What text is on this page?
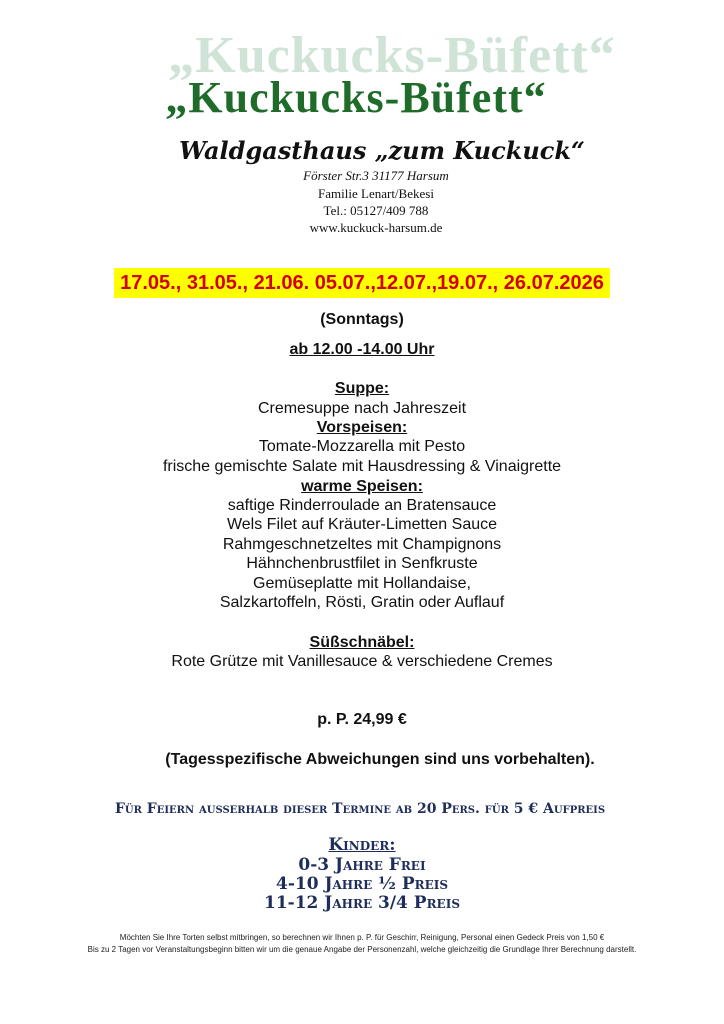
„Kuckucks-Büfett“
„Kuckucks-Büfett“
Waldgasthaus „zum Kuckuck“
Förster Str.3 31177 Harsum
Familie Lenart/Bekesi
Tel.: 05127/409 788
www.kuckuck-harsum.de
17.05., 31.05., 21.06. 05.07.,12.07.,19.07., 26.07.2026
(Sonntags)
ab 12.00 -14.00 Uhr
Suppe:
Cremesuppe nach Jahreszeit
Vorspeisen:
Tomate-Mozzarella mit Pesto
frische gemischte Salate mit Hausdressing & Vinaigrette
warme Speisen:
saftige Rinderroulade an Bratensauce
Wels Filet auf Kräuter-Limetten Sauce
Rahmgeschnetzeltes mit Champignons
Hähnchenbrustfilet in Senfkruste
Gemüseplatte mit Hollandaise,
Salzkartoffeln, Rösti, Gratin oder Auflauf
Süßschnäbel:
Rote Grütze mit Vanillesauce & verschiedene Cremes
p. P. 24,99 €
(Tagesspezifische Abweichungen sind uns vorbehalten).
Für Feiern ausserhalb dieser Termine ab 20 Pers. für 5 € Aufpreis
Kinder:
0-3 Jahre Frei
4-10 Jahre ½ Preis
11-12 Jahre 3/4 Preis
Möchten Sie Ihre Torten selbst mitbringen, so berechnen wir Ihnen p. P. für Geschirr, Reinigung, Personal einen Gedeck Preis von 1,50 €
Bis zu 2 Tagen vor Veranstaltungsbeginn bitten wir um die genaue Angabe der Personenzahl, welche gleichzeitig die Grundlage Ihrer Berechnung darstellt.
